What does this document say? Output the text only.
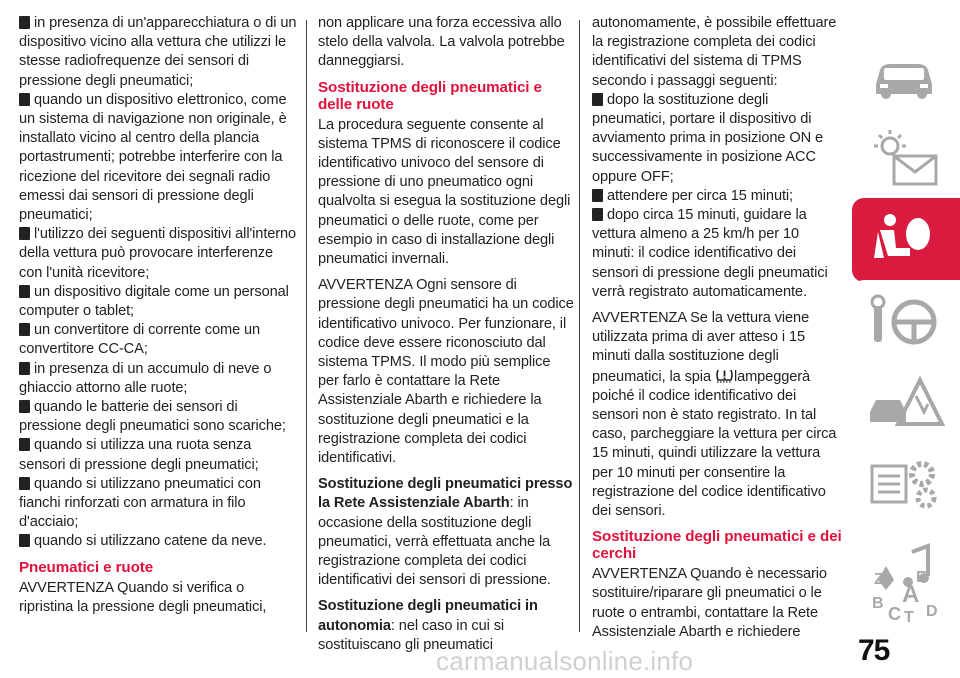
in presenza di un'apparecchiatura o di un dispositivo vicino alla vettura che utilizzi le stesse radiofrequenze dei sensori di pressione degli pneumatici;

quando un dispositivo elettronico, come un sistema di navigazione non originale, è installato vicino al centro della plancia portastrumenti; potrebbe interferire con la ricezione del ricevitore dei segnali radio emessi dai sensori di pressione degli pneumatici;

l'utilizzo dei seguenti dispositivi all'interno della vettura può provocare interferenze con l'unità ricevitore;

un dispositivo digitale come un personal computer o tablet;

un convertitore di corrente come un convertitore CC-CA;

in presenza di un accumulo di neve o ghiaccio attorno alle ruote;

quando le batterie dei sensori di pressione degli pneumatici sono scariche;

quando si utilizza una ruota senza sensori di pressione degli pneumatici;

quando si utilizzano pneumatici con fianchi rinforzati con armatura in filo d'acciaio;

quando si utilizzano catene da neve.

Pneumatici e ruote

AVVERTENZA Quando si verifica o ripristina la pressione degli pneumatici,

non applicare una forza eccessiva allo stelo della valvola. La valvola potrebbe danneggiarsi.

Sostituzione degli pneumatici e delle ruote

La procedura seguente consente al sistema TPMS di riconoscere il codice identificativo univoco del sensore di pressione di uno pneumatico ogni qualvolta si esegua la sostituzione degli pneumatici o delle ruote, come per esempio in caso di installazione degli pneumatici invernali.

AVVERTENZA Ogni sensore di pressione degli pneumatici ha un codice identificativo univoco. Per funzionare, il codice deve essere riconosciuto dal sistema TPMS. Il modo più semplice per farlo è contattare la Rete Assistenziale Abarth e richiedere la sostituzione degli pneumatici e la registrazione completa dei codici identificativi.

Sostituzione degli pneumatici presso la Rete Assistenziale Abarth: in occasione della sostituzione degli pneumatici, verrà effettuata anche la registrazione completa dei codici identificativi dei sensori di pressione.

Sostituzione degli pneumatici in autonomia: nel caso in cui si sostituiscano gli pneumatici

autonomamente, è possibile effettuare la registrazione completa dei codici identificativi del sistema di TPMS secondo i passaggi seguenti:

dopo la sostituzione degli pneumatici, portare il dispositivo di avviamento prima in posizione ON e successivamente in posizione ACC oppure OFF;

attendere per circa 15 minuti;

dopo circa 15 minuti, guidare la vettura almeno a 25 km/h per 10 minuti: il codice identificativo dei sensori di pressione degli pneumatici verrà registrato automaticamente.

AVVERTENZA Se la vettura viene utilizzata prima di aver atteso i 15 minuti dalla sostituzione degli pneumatici, la spia lampeggerà poiché il codice identificativo dei sensori non è stato registrato. In tal caso, parcheggiare la vettura per circa 15 minuti, quindi utilizzare la vettura per 10 minuti per consentire la registrazione del codice identificativo dei sensori.

Sostituzione degli pneumatici e dei cerchi

AVVERTENZA Quando è necessario sostituire/riparare gli pneumatici o le ruote o entrambi, contattare la Rete Assistenziale Abarth e richiedere

Z E
A
B
C T D
carmanualsonline.info	75
